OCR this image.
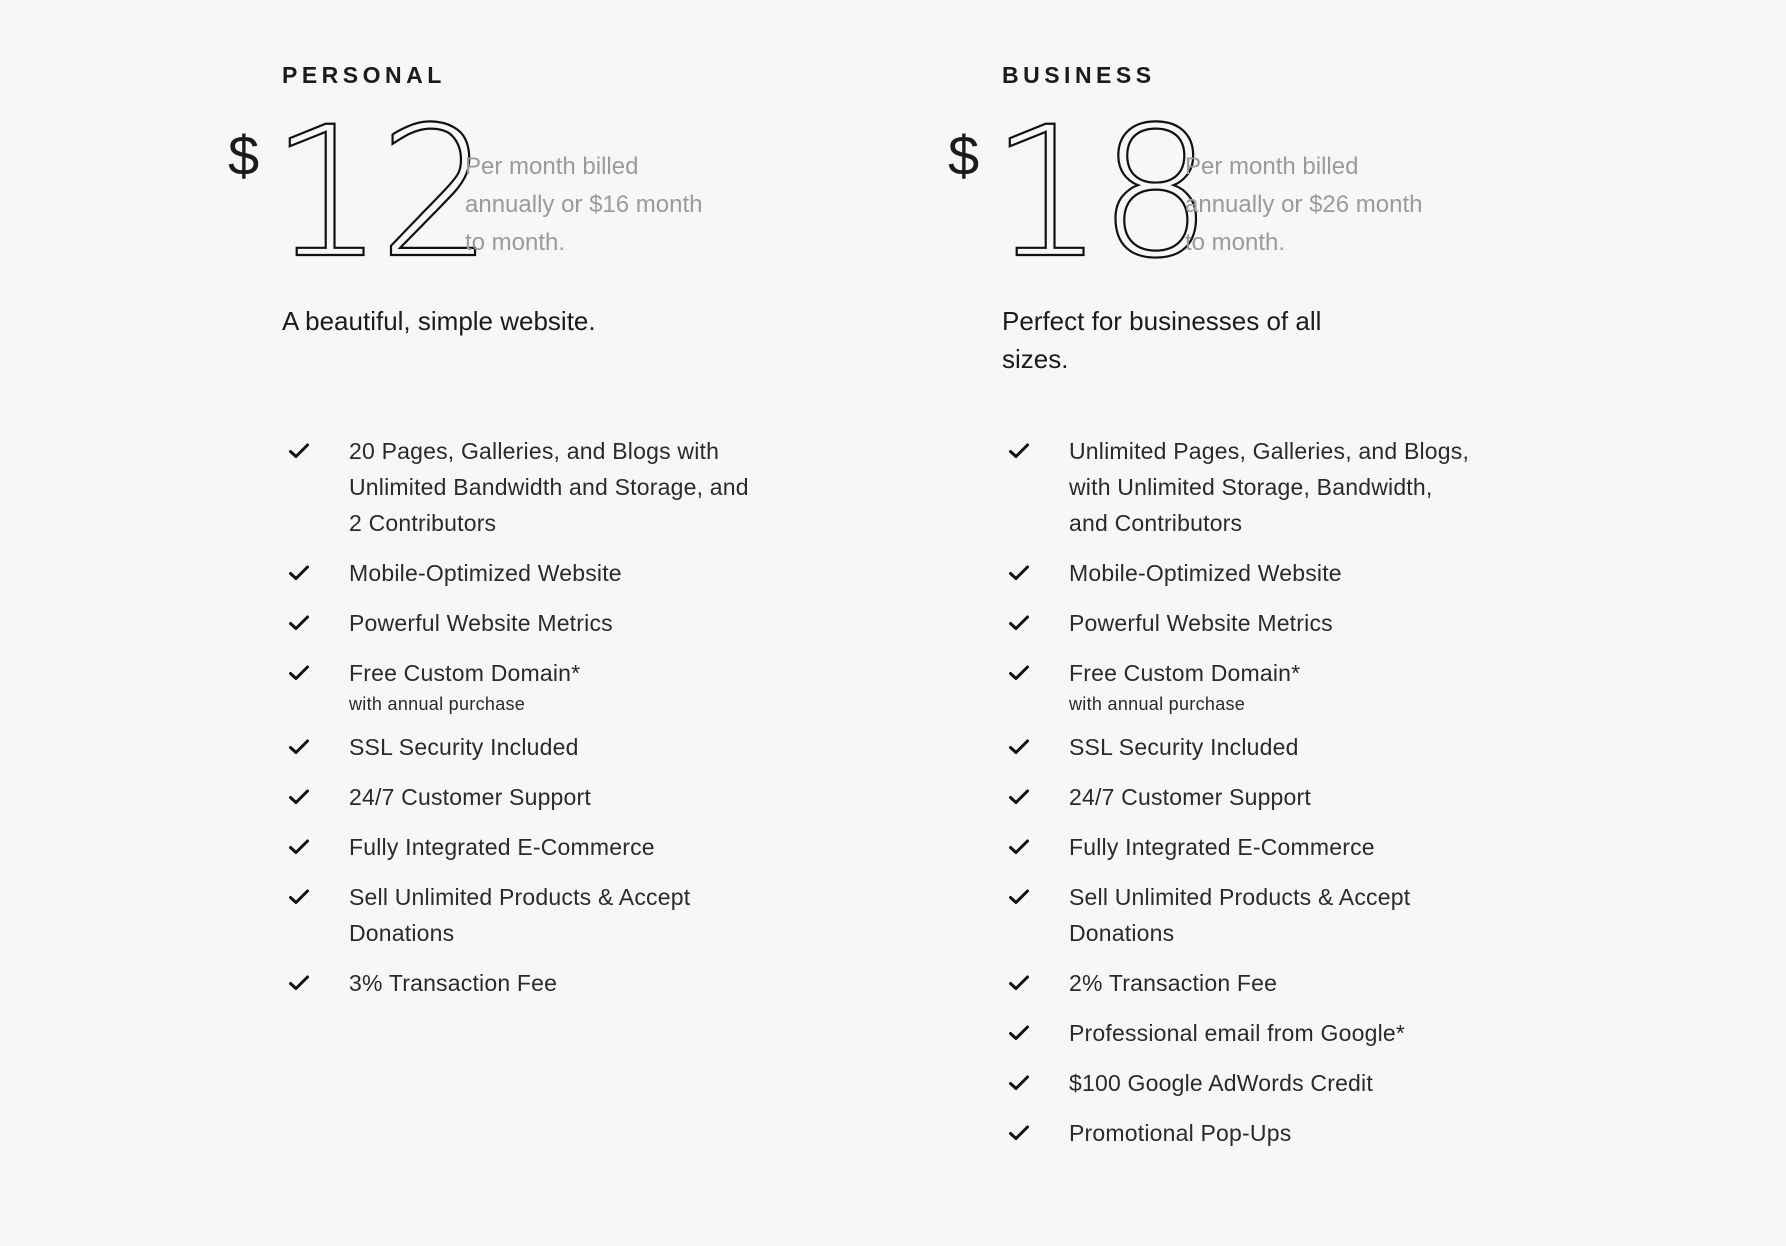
PERSONAL
$ 12

Per month billed annually or $16 month to month.

A beautiful, simple website.

20 Pages, Galleries, and Blogs with Unlimited Bandwidth and Storage, and 2 Contributors
Mobile-Optimized Website
Powerful Website Metrics
Free Custom Domain*
with annual purchase
SSL Security Included
24/7 Customer Support
Fully Integrated E-Commerce
Sell Unlimited Products & Accept Donations
3% Transaction Fee
BUSINESS
$ 18

Per month billed annually or $26 month to month.

Perfect for businesses of all sizes.

Unlimited Pages, Galleries, and Blogs, with Unlimited Storage, Bandwidth, and Contributors
Mobile-Optimized Website
Powerful Website Metrics
Free Custom Domain*
with annual purchase
SSL Security Included
24/7 Customer Support
Fully Integrated E-Commerce
Sell Unlimited Products & Accept Donations
2% Transaction Fee
Professional email from Google*
$100 Google AdWords Credit
Promotional Pop-Ups
